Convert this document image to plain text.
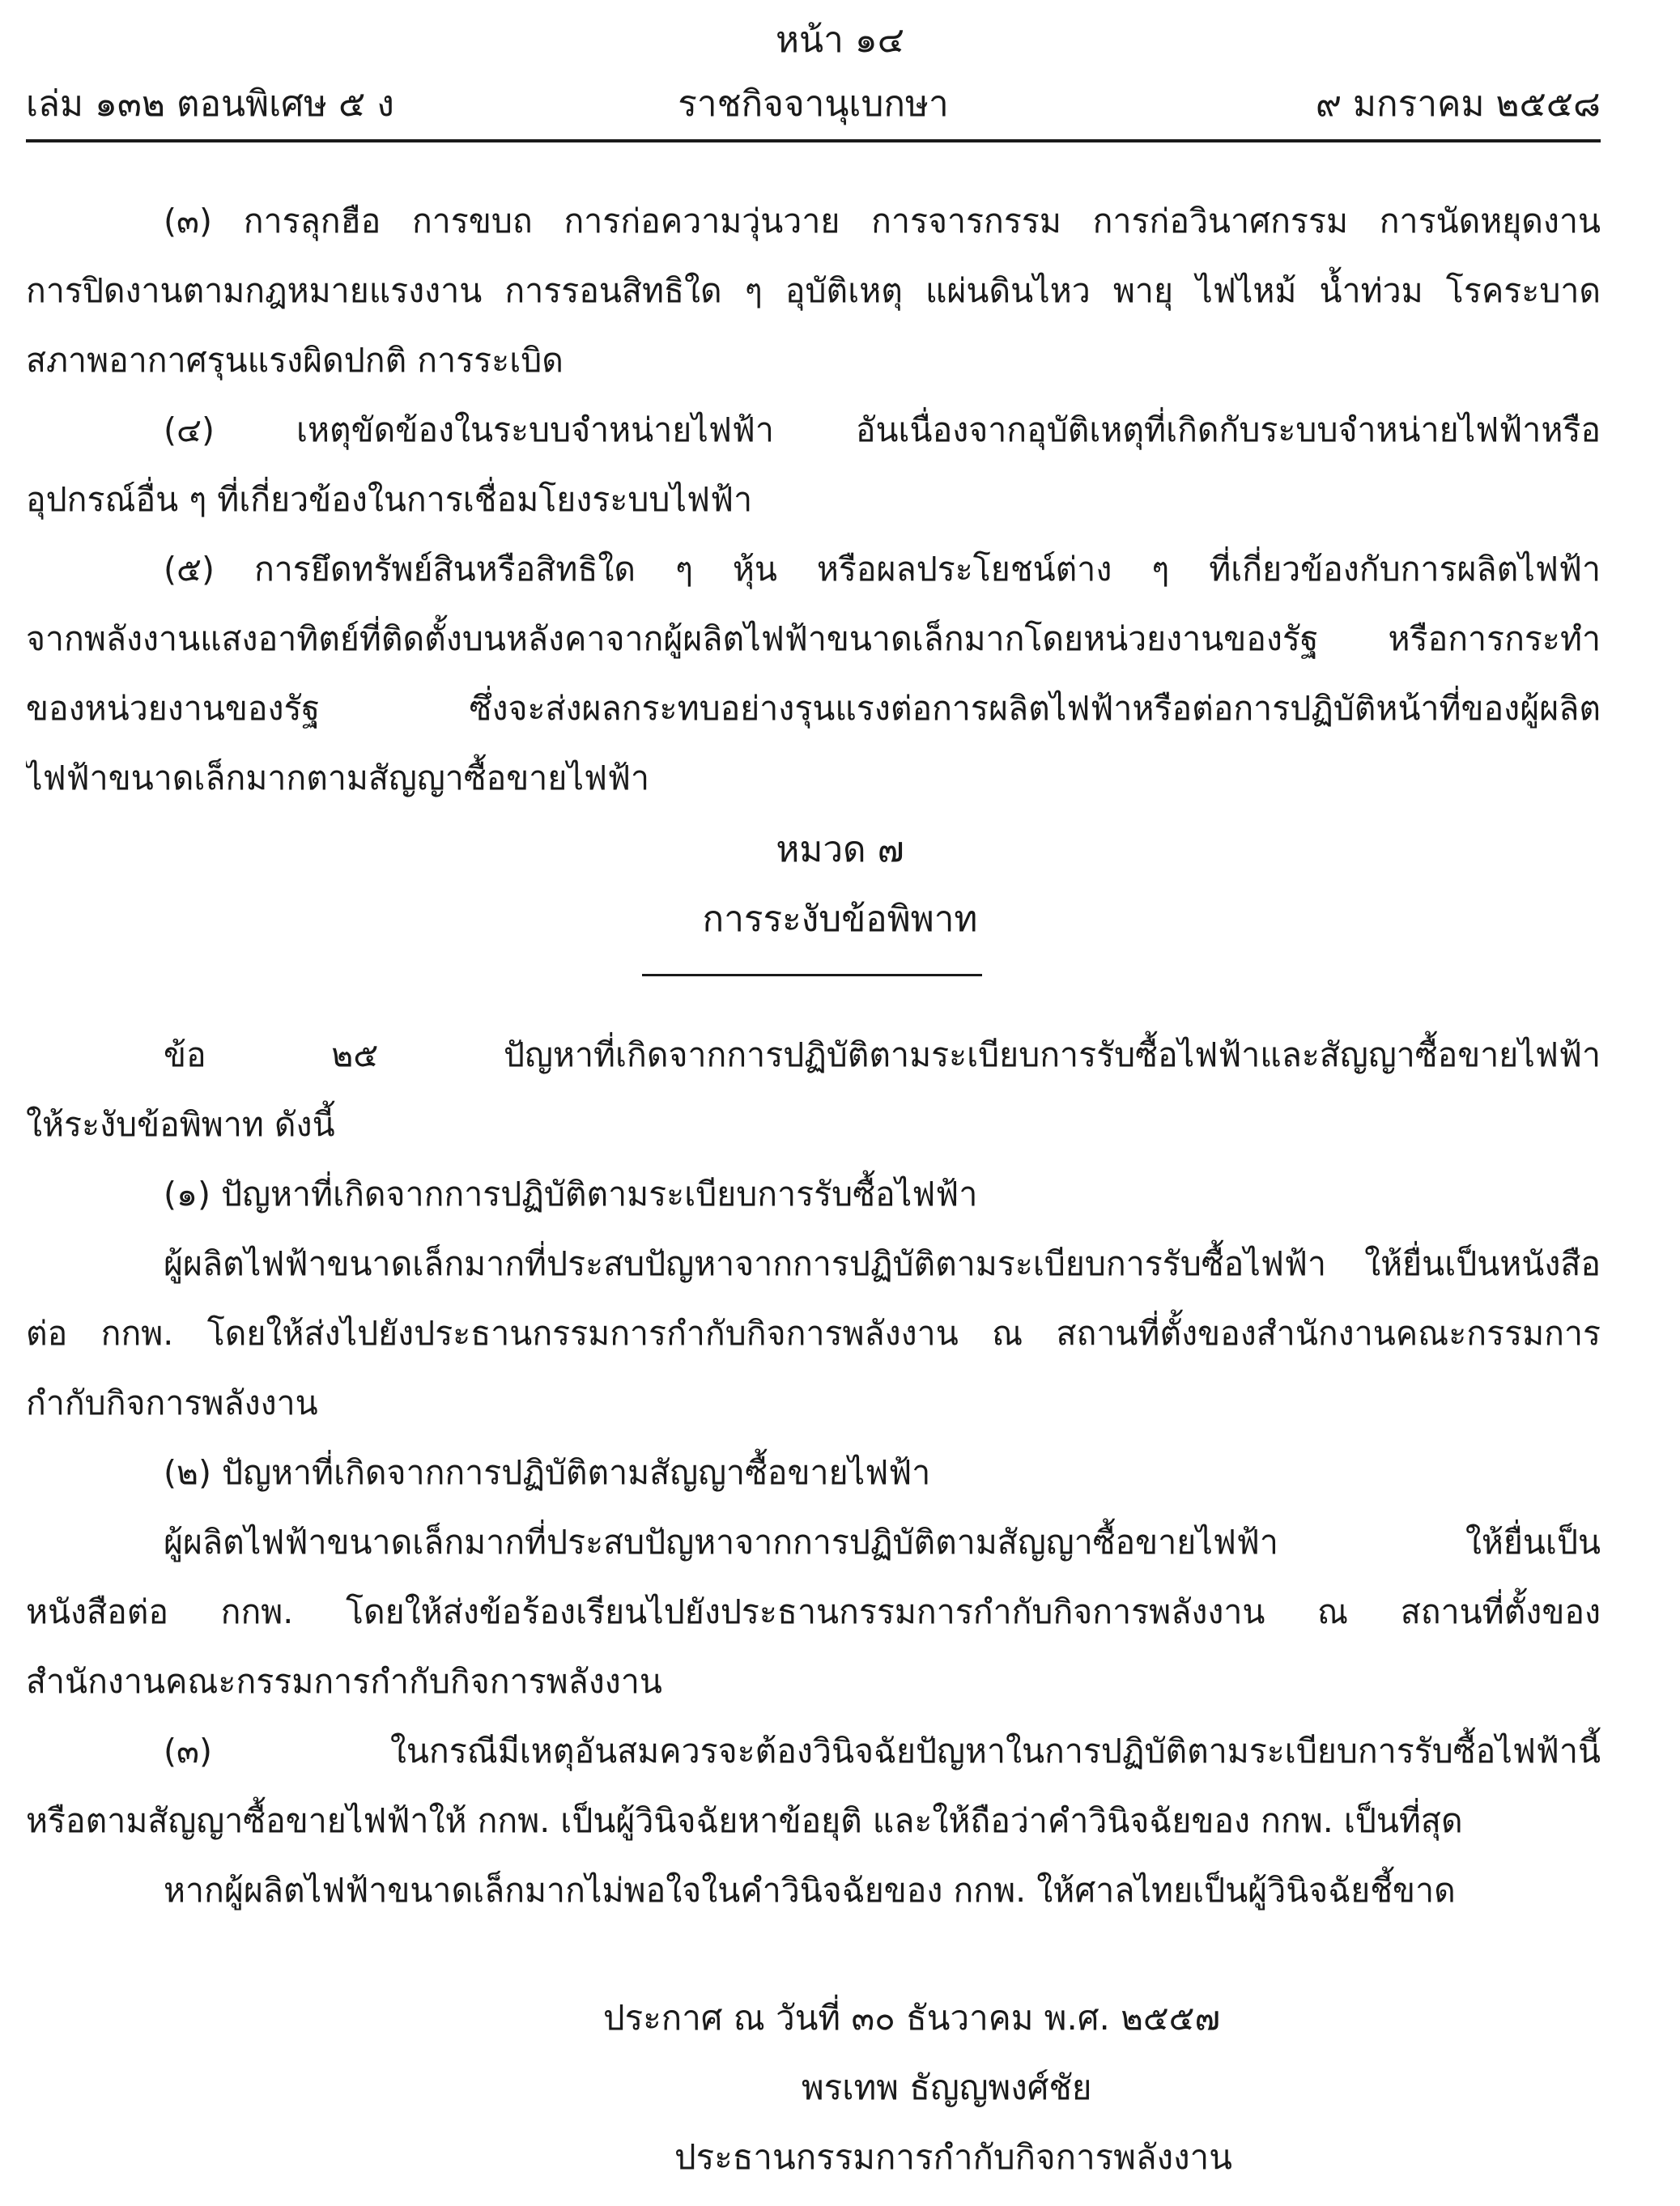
หน้า ๑๔
ราชกิจจานุเบกษา
เล่ม ๑๓๒ ตอนพิเศษ ๕ ง	๙ มกราคม ๒๕๕๘
(๓) การลุกฮือ การขบถ การก่อความวุ่นวาย การจารกรรม การก่อวินาศกรรม การนัดหยุดงาน
การปิดงานตามกฎหมายแรงงาน การรอนสิทธิใด ๆ อุบัติเหตุ แผ่นดินไหว พายุ ไฟไหม้ น้ำท่วม โรคระบาด
สภาพอากาศรุนแรงผิดปกติ การระเบิด
(๔) เหตุขัดข้องในระบบจำหน่ายไฟฟ้า อันเนื่องจากอุบัติเหตุที่เกิดกับระบบจำหน่ายไฟฟ้าหรือ
อุปกรณ์อื่น ๆ ที่เกี่ยวข้องในการเชื่อมโยงระบบไฟฟ้า
(๕) การยึดทรัพย์สินหรือสิทธิใด ๆ หุ้น หรือผลประโยชน์ต่าง ๆ ที่เกี่ยวข้องกับการผลิตไฟฟ้า
จากพลังงานแสงอาทิตย์ที่ติดตั้งบนหลังคาจากผู้ผลิตไฟฟ้าขนาดเล็กมากโดยหน่วยงานของรัฐ หรือการกระทำ
ของหน่วยงานของรัฐ ซึ่งจะส่งผลกระทบอย่างรุนแรงต่อการผลิตไฟฟ้าหรือต่อการปฏิบัติหน้าที่ของผู้ผลิต
ไฟฟ้าขนาดเล็กมากตามสัญญาซื้อขายไฟฟ้า
หมวด ๗
การระงับข้อพิพาท
ข้อ ๒๕ ปัญหาที่เกิดจากการปฏิบัติตามระเบียบการรับซื้อไฟฟ้าและสัญญาซื้อขายไฟฟ้า
ให้ระงับข้อพิพาท ดังนี้
(๑) ปัญหาที่เกิดจากการปฏิบัติตามระเบียบการรับซื้อไฟฟ้า
ผู้ผลิตไฟฟ้าขนาดเล็กมากที่ประสบปัญหาจากการปฏิบัติตามระเบียบการรับซื้อไฟฟ้า ให้ยื่นเป็นหนังสือ
ต่อ กกพ. โดยให้ส่งไปยังประธานกรรมการกำกับกิจการพลังงาน ณ สถานที่ตั้งของสำนักงานคณะกรรมการ
กำกับกิจการพลังงาน
(๒) ปัญหาที่เกิดจากการปฏิบัติตามสัญญาซื้อขายไฟฟ้า
ผู้ผลิตไฟฟ้าขนาดเล็กมากที่ประสบปัญหาจากการปฏิบัติตามสัญญาซื้อขายไฟฟ้า ให้ยื่นเป็น
หนังสือต่อ กกพ. โดยให้ส่งข้อร้องเรียนไปยังประธานกรรมการกำกับกิจการพลังงาน ณ สถานที่ตั้งของ
สำนักงานคณะกรรมการกำกับกิจการพลังงาน
(๓) ในกรณีมีเหตุอันสมควรจะต้องวินิจฉัยปัญหาในการปฏิบัติตามระเบียบการรับซื้อไฟฟ้านี้
หรือตามสัญญาซื้อขายไฟฟ้าให้ กกพ. เป็นผู้วินิจฉัยหาข้อยุติ และให้ถือว่าคำวินิจฉัยของ กกพ. เป็นที่สุด
หากผู้ผลิตไฟฟ้าขนาดเล็กมากไม่พอใจในคำวินิจฉัยของ กกพ. ให้ศาลไทยเป็นผู้วินิจฉัยชี้ขาด
ประกาศ ณ วันที่ ๓๐ ธันวาคม พ.ศ. ๒๕๕๗
พรเทพ ธัญญพงศ์ชัย
ประธานกรรมการกำกับกิจการพลังงาน
